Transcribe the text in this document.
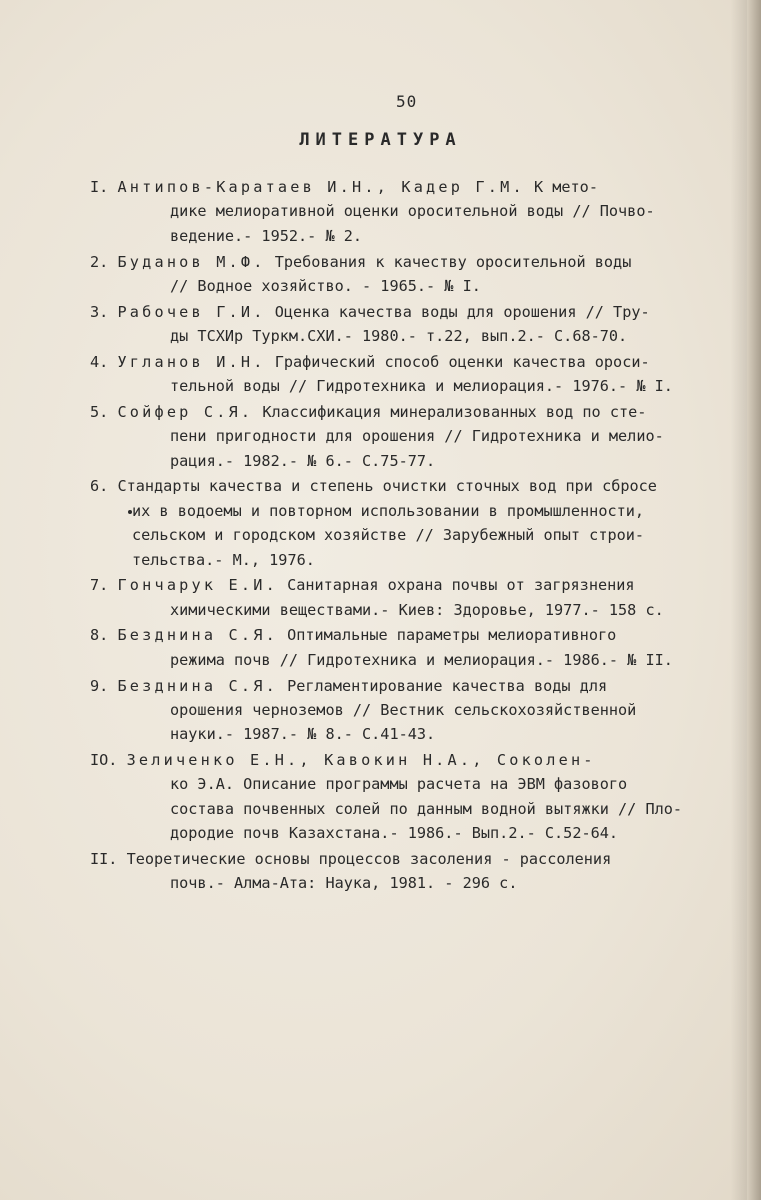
50
ЛИТЕРАТУРА
I. Антипов-Каратаев И.Н., Кадер Г.М. К мето-
дике мелиоративной оценки оросительной воды // Почво-
ведение.- 1952.- № 2.
2. Буданов М.Ф. Требования к качеству оросительной воды
// Водное хозяйство. - 1965.- № I.
3. Рабочев Г.И. Оценка качества воды для орошения // Тру-
ды ТСХИр Туркм.СХИ.- 1980.- т.22, вып.2.- С.68-70.
4. Угланов И.Н. Графический способ оценки качества ороси-
тельной воды // Гидротехника и мелиорация.- 1976.- № I.
5. Сойфер С.Я. Классификация минерализованных вод по сте-
пени пригодности для орошения // Гидротехника и мелио-
рация.- 1982.- № 6.- С.75-77.
6. Стандарты качества и степень очистки сточных вод при сбросе
их в водоемы и повторном использовании в промышленности,
сельском и городском хозяйстве // Зарубежный опыт строи-
тельства.- М., 1976.
7. Гончарук Е.И. Санитарная охрана почвы от загрязнения
химическими веществами.- Киев: Здоровье, 1977.- 158 с.
8. Безднина С.Я. Оптимальные параметры мелиоративного
режима почв // Гидротехника и мелиорация.- 1986.- № II.
9. Безднина С.Я. Регламентирование качества воды для
орошения черноземов // Вестник сельскохозяйственной
науки.- 1987.- № 8.- С.41-43.
IO. Зеличенко Е.Н., Кавокин Н.А., Соколен-
ко Э.А. Описание программы расчета на ЭВМ фазового
состава почвенных солей по данным водной вытяжки // Пло-
дородие почв Казахстана.- 1986.- Вып.2.- С.52-64.
II. Теоретические основы процессов засоления - рассоления
почв.- Алма-Ата: Наука, 1981. - 296 с.
